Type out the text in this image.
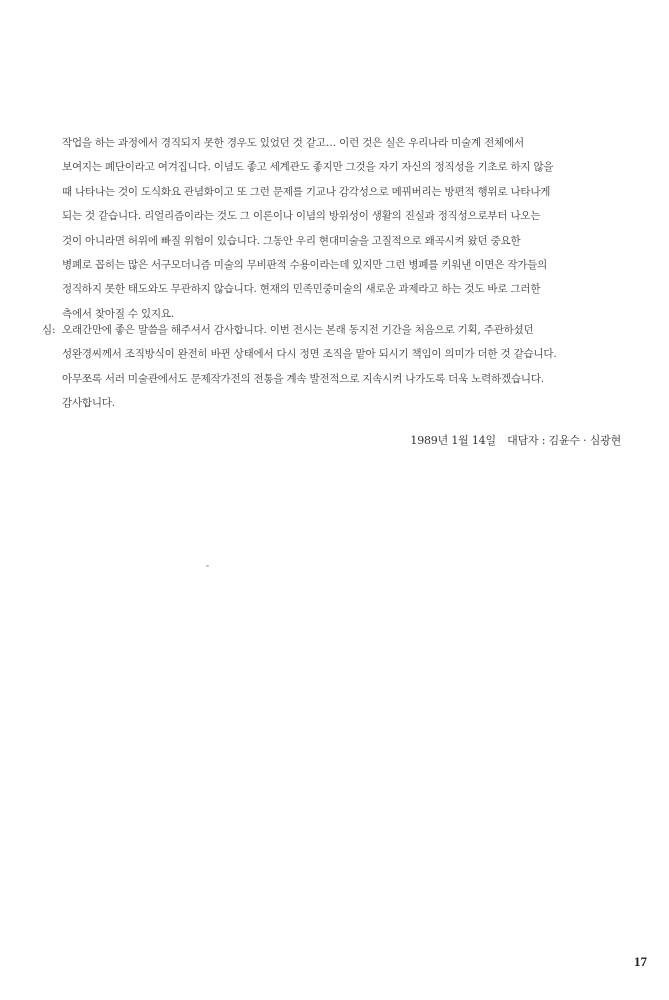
작업을 하는 과정에서 경직되지 못한 경우도 있었던 것 같고… 이런 것은 실은 우리나라 미술계 전체에서
보여지는 폐단이라고 여겨집니다. 이념도 좋고 세계관도 좋지만 그것을 자기 자신의 정직성을 기초로 하지 않을
때 나타나는 것이 도식화요 관념화이고 또 그런 문제를 기교나 감각성으로 메꿔버리는 방편적 행위로 나타나게
되는 것 같습니다. 리얼리즘이라는 것도 그 이론이나 이념의 방위성이 생활의 진실과 정직성으로부터 나오는
것이 아니라면 허위에 빠질 위험이 있습니다. 그동안 우리 현대미술을 고질적으로 왜곡시켜 왔던 중요한
병폐로 꼽히는 많은 서구모더니즘 미술의 무비판적 수용이라는데 있지만 그런 병폐를 키워낸 이면은 작가들의
정직하지 못한 태도와도 무관하지 않습니다. 현재의 민족민중미술의 새로운 과제라고 하는 것도 바로 그러한
측에서 찾아질 수 있지요.
심: 오래간만에 좋은 말씀을 해주셔서 감사합니다. 이번 전시는 본래 동지전 기간을 처음으로 기획, 주관하셨던
성완경씨께서 조직방식이 완전히 바뀐 상태에서 다시 정면 조직을 맡아 되시기 책임이 의미가 더한 것 같습니다.
아무쪼록 서러 미술관에서도 문제작가전의 전통을 계속 발전적으로 지속시켜 나가도록 더욱 노력하겠습니다.
감사합니다.
1989년 1월 14일 대담자 : 김윤수 · 심광현
17
